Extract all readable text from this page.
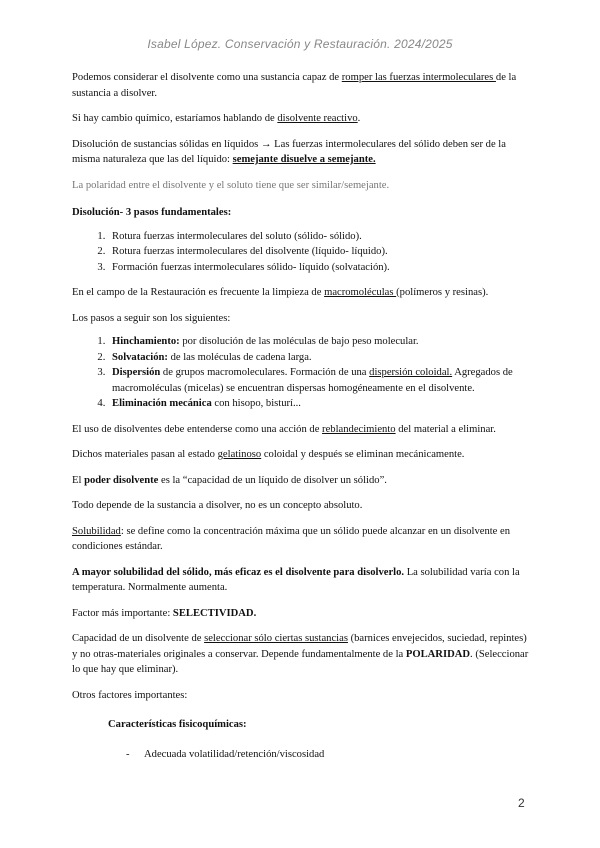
Isabel López. Conservación y Restauración. 2024/2025

Podemos considerar el disolvente como una sustancia capaz de romper las fuerzas intermoleculares de la sustancia a disolver.

Si hay cambio químico, estaríamos hablando de disolvente reactivo.

Disolución de sustancias sólidas en líquidos → Las fuerzas intermoleculares del sólido deben ser de la misma naturaleza que las del líquido: semejante disuelve a semejante.

La polaridad entre el disolvente y el soluto tiene que ser similar/semejante.

Disolución- 3 pasos fundamentales:

1. Rotura fuerzas intermoleculares del soluto (sólido- sólido).
2. Rotura fuerzas intermoleculares del disolvente (líquido- líquido).
3. Formación fuerzas intermoleculares sólido- líquido (solvatación).

En el campo de la Restauración es frecuente la limpieza de macromoléculas (polímeros y resinas).

Los pasos a seguir son los siguientes:

1. Hinchamiento: por disolución de las moléculas de bajo peso molecular.
2. Solvatación: de las moléculas de cadena larga.
3. Dispersión de grupos macromoleculares. Formación de una dispersión coloidal. Agregados de macromoléculas (micelas) se encuentran dispersas homogéneamente en el disolvente.
4. Eliminación mecánica con hisopo, bisturí...

El uso de disolventes debe entenderse como una acción de reblandecimiento del material a eliminar.

Dichos materiales pasan al estado gelatinoso coloidal y después se eliminan mecánicamente.

El poder disolvente es la “capacidad de un líquido de disolver un sólido”.

Todo depende de la sustancia a disolver, no es un concepto absoluto.

Solubilidad: se define como la concentración máxima que un sólido puede alcanzar en un disolvente en condiciones estándar.

A mayor solubilidad del sólido, más eficaz es el disolvente para disolverlo. La solubilidad varía con la temperatura. Normalmente aumenta.

Factor más importante: SELECTIVIDAD.

Capacidad de un disolvente de seleccionar sólo ciertas sustancias (barnices envejecidos, suciedad, repintes) y no otras-materiales originales a conservar. Depende fundamentalmente de la POLARIDAD. (Seleccionar lo que hay que eliminar).

Otros factores importantes:

Características fisicoquímicas:

- Adecuada volatilidad/retención/viscosidad
2
